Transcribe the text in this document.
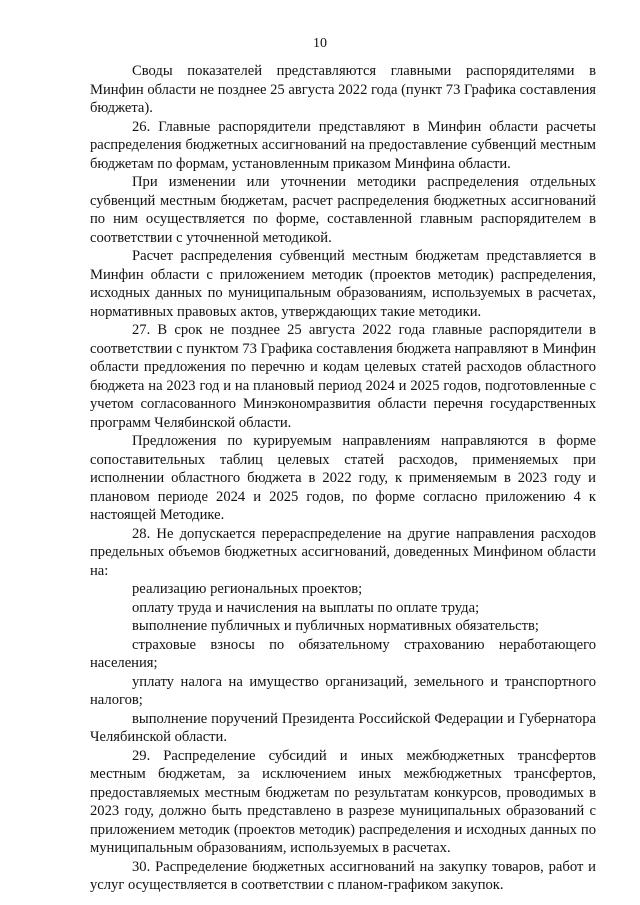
10

Своды показателей представляются главными распорядителями в Минфин области не позднее 25 августа 2022 года (пункт 73 Графика составления бюджета).

26. Главные распорядители представляют в Минфин области расчеты распределения бюджетных ассигнований на предоставление субвенций местным бюджетам по формам, установленным приказом Минфина области.

При изменении или уточнении методики распределения отдельных субвенций местным бюджетам, расчет распределения бюджетных ассигнований по ним осуществляется по форме, составленной главным распорядителем в соответствии с уточненной методикой.

Расчет распределения субвенций местным бюджетам представляется в Минфин области с приложением методик (проектов методик) распределения, исходных данных по муниципальным образованиям, используемых в расчетах, нормативных правовых актов, утверждающих такие методики.

27. В срок не позднее 25 августа 2022 года главные распорядители в соответствии с пунктом 73 Графика составления бюджета направляют в Минфин области предложения по перечню и кодам целевых статей расходов областного бюджета на 2023 год и на плановый период 2024 и 2025 годов, подготовленные с учетом согласованного Минэкономразвития области перечня государственных программ Челябинской области.

Предложения по курируемым направлениям направляются в форме сопоставительных таблиц целевых статей расходов, применяемых при исполнении областного бюджета в 2022 году, к применяемым в 2023 году и плановом периоде 2024 и 2025 годов, по форме согласно приложению 4 к настоящей Методике.

28. Не допускается перераспределение на другие направления расходов предельных объемов бюджетных ассигнований, доведенных Минфином области на:

реализацию региональных проектов;

оплату труда и начисления на выплаты по оплате труда;

выполнение публичных и публичных нормативных обязательств;

страховые взносы по обязательному страхованию неработающего населения;

уплату налога на имущество организаций, земельного и транспортного налогов;

выполнение поручений Президента Российской Федерации и Губернатора Челябинской области.

29. Распределение субсидий и иных межбюджетных трансфертов местным бюджетам, за исключением иных межбюджетных трансфертов, предоставляемых местным бюджетам по результатам конкурсов, проводимых в 2023 году, должно быть представлено в разрезе муниципальных образований с приложением методик (проектов методик) распределения и исходных данных по муниципальным образованиям, используемых в расчетах.

30. Распределение бюджетных ассигнований на закупку товаров, работ и услуг осуществляется в соответствии с планом-графиком закупок.
